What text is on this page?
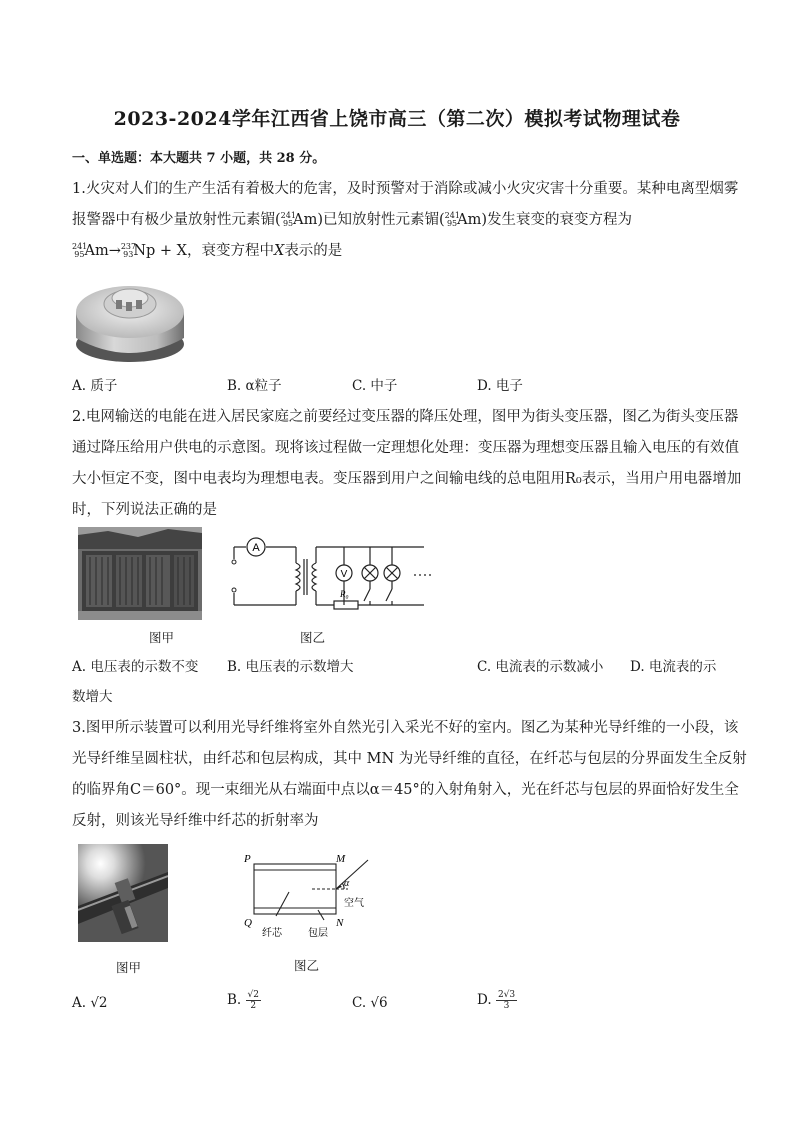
2023-2024学年江西省上饶市高三（第二次）模拟考试物理试卷
一、单选题：本大题共 7 小题，共 28 分。
1.火灾对人们的生产生活有着极大的危害，及时预警对于消除或减小火灾灾害十分重要。某种电离型烟雾
报警器中有极少量放射性元素镅($^{241}_{95}$Am)已知放射性元素镅($^{241}_{95}$Am)发生衰变的衰变方程为
$^{241}_{95}$Am→$^{237}_{93}$Np + X，衰变方程中X表示的是
A. 质子	B. α粒子	C. 中子	D. 电子
2.电网输送的电能在进入居民家庭之前要经过变压器的降压处理，图甲为街头变压器，图乙为街头变压器
通过降压给用户供电的示意图。现将该过程做一定理想化处理：变压器为理想变压器且输入电压的有效值
大小恒定不变，图中电表均为理想电表。变压器到用户之间输电线的总电阻用R₀表示，当用户用电器增加
时，下列说法正确的是
图甲
A
V
R₀
图乙
A. 电压表的示数不变 B. 电压表的示数增大	C. 电流表的示数减小 D. 电流表的示
数增大
3.图甲所示装置可以利用光导纤维将室外自然光引入采光不好的室内。图乙为某种光导纤维的一小段，该
光导纤维呈圆柱状，由纤芯和包层构成，其中 MN 为光导纤维的直径，在纤芯与包层的分界面发生全反射
的临界角C＝60°。现一束细光从右端面中点以α＝45°的入射角射入，光在纤芯与包层的界面恰好发生全
反射，则该光导纤维中纤芯的折射率为
图甲
P	M
Q	N
α
空气
纤芯	包层
图乙
A. √2	B. $\frac{√2}{2}$	C. √6	D. $\frac{2√3}{3}$
